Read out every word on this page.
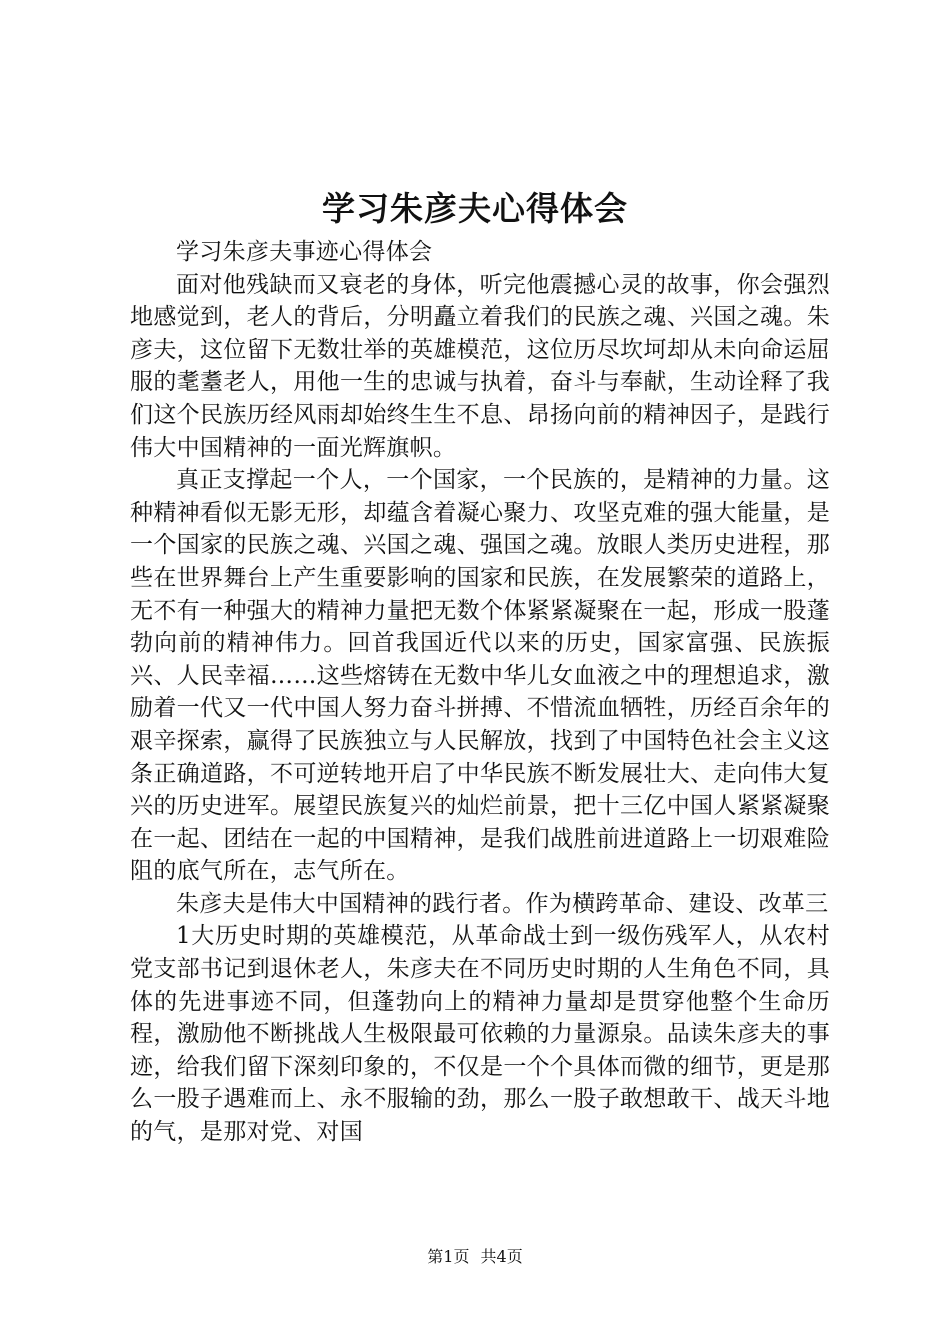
学习朱彦夫心得体会

学习朱彦夫事迹心得体会

面对他残缺而又衰老的身体，听完他震撼心灵的故事，你会强烈地感觉到，老人的背后，分明矗立着我们的民族之魂、兴国之魂。朱彦夫，这位留下无数壮举的英雄模范，这位历尽坎坷却从未向命运屈服的耄耋老人，用他一生的忠诚与执着，奋斗与奉献，生动诠释了我们这个民族历经风雨却始终生生不息、昂扬向前的精神因子，是践行伟大中国精神的一面光辉旗帜。

真正支撑起一个人，一个国家，一个民族的，是精神的力量。这种精神看似无影无形，却蕴含着凝心聚力、攻坚克难的强大能量，是一个国家的民族之魂、兴国之魂、强国之魂。放眼人类历史进程，那些在世界舞台上产生重要影响的国家和民族，在发展繁荣的道路上，无不有一种强大的精神力量把无数个体紧紧凝聚在一起，形成一股蓬勃向前的精神伟力。回首我国近代以来的历史，国家富强、民族振兴、人民幸福……这些熔铸在无数中华儿女血液之中的理想追求，激励着一代又一代中国人努力奋斗拼搏、不惜流血牺牲，历经百余年的艰辛探索，赢得了民族独立与人民解放，找到了中国特色社会主义这条正确道路，不可逆转地开启了中华民族不断发展壮大、走向伟大复兴的历史进军。展望民族复兴的灿烂前景，把十三亿中国人紧紧凝聚在一起、团结在一起的中国精神，是我们战胜前进道路上一切艰难险阻的底气所在，志气所在。

朱彦夫是伟大中国精神的践行者。作为横跨革命、建设、改革三

1大历史时期的英雄模范，从革命战士到一级伤残军人，从农村党支部书记到退休老人，朱彦夫在不同历史时期的人生角色不同，具体的先进事迹不同，但蓬勃向上的精神力量却是贯穿他整个生命历程，激励他不断挑战人生极限最可依赖的力量源泉。品读朱彦夫的事迹，给我们留下深刻印象的，不仅是一个个具体而微的细节，更是那么一股子遇难而上、永不服输的劲，那么一股子敢想敢干、战天斗地的气，是那对党、对国

第1页 共4页
